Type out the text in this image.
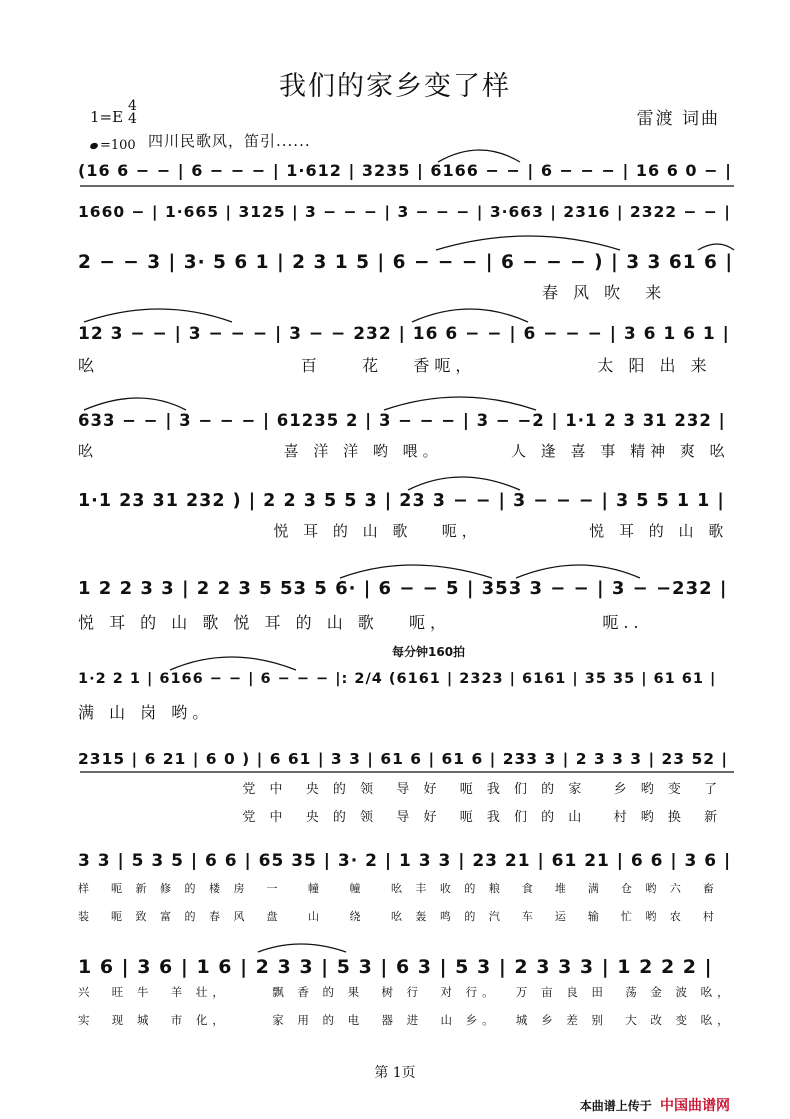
我们的家乡变了样
雷渡 词曲
1=E
4
4
=100 四川民歌风，笛引......
(16 6 − − | 6 − − − | 1·612 | 3235 | 6166 − − | 6 − − − | 16 6 0 − |
1660 − | 1·665 | 3125 | 3 − − − | 3 − − − | 3·663 | 2316 | 2322 − − |
2 − − 3 | 3· 5 6 1 | 2 3 1 5 | 6 − − − | 6 − − − ) | 3 3 61 6 |
12 3 − − | 3 − − − | 3 − − 232 | 16 6 − − | 6 − − − | 3 6 1 6 1 |
633 − − | 3 − − − | 61235 2 | 3 − − − | 3 − −2 | 1·1 2 3 31 232 |
1·1 23 31 232 ) | 2 2 3 5 5 3 | 23 3 − − | 3 − − − | 3 5 5 1 1 |
1 2 2 3 3 | 2 2 3 5 53 5 6· | 6 − − 5 | 353 3 − − | 3 − −232 |
1·2 2 1 | 6166 − − | 6 − − − |: 2/4 (6161 | 2323 | 6161 | 35 35 | 61 61 |
2315 | 6 21 | 6 0 ) | 6 61 | 3 3 | 61 6 | 61 6 | 233 3 | 2 3 3 3 | 23 52 |
3 3 | 5 3 5 | 6 6 | 65 35 | 3· 2 | 1 3 3 | 23 21 | 61 21 | 6 6 | 3 6 |
1 6 | 3 6 | 1 6 | 2 3 3 | 5 3 | 6 3 | 5 3 | 2 3 3 3 | 1 2 2 2 |
春 风 吹  来
吆                    百    花   香呃，            太 阳 出 来
吆                   喜 洋 洋 哟 喂。       人 逢 喜 事 精神 爽 吆
悦 耳 的 山 歌   呃，           悦 耳 的 山 歌
悦 耳 的 山 歌 悦 耳 的 山 歌   呃，               呃..
满 山 岗 哟。
党 中  央 的 领  导 好  呃 我 们 的 家   乡 哟 变  了
党 中  央 的 领  导 好  呃 我 们 的 山   村 哟 换  新
样  呃 新 修 的 楼 房  一   幢   幢   吆 丰 收 的 粮  食  堆  满  仓 哟 六  畜
装  呃 致 富 的 春 风  盘   山   绕   吆 轰 鸣 的 汽  车  运  输  忙 哟 农  村
兴  旺 牛  羊 壮，     飘 香 的 果  树 行  对 行。  万 亩 良 田  荡 金 波 吆，
实  现 城  市 化，     家 用 的 电  器 进  山 乡。  城 乡 差 别  大 改 变 吆，
每分钟160拍
第 1页
本曲谱上传于 中国曲谱网
